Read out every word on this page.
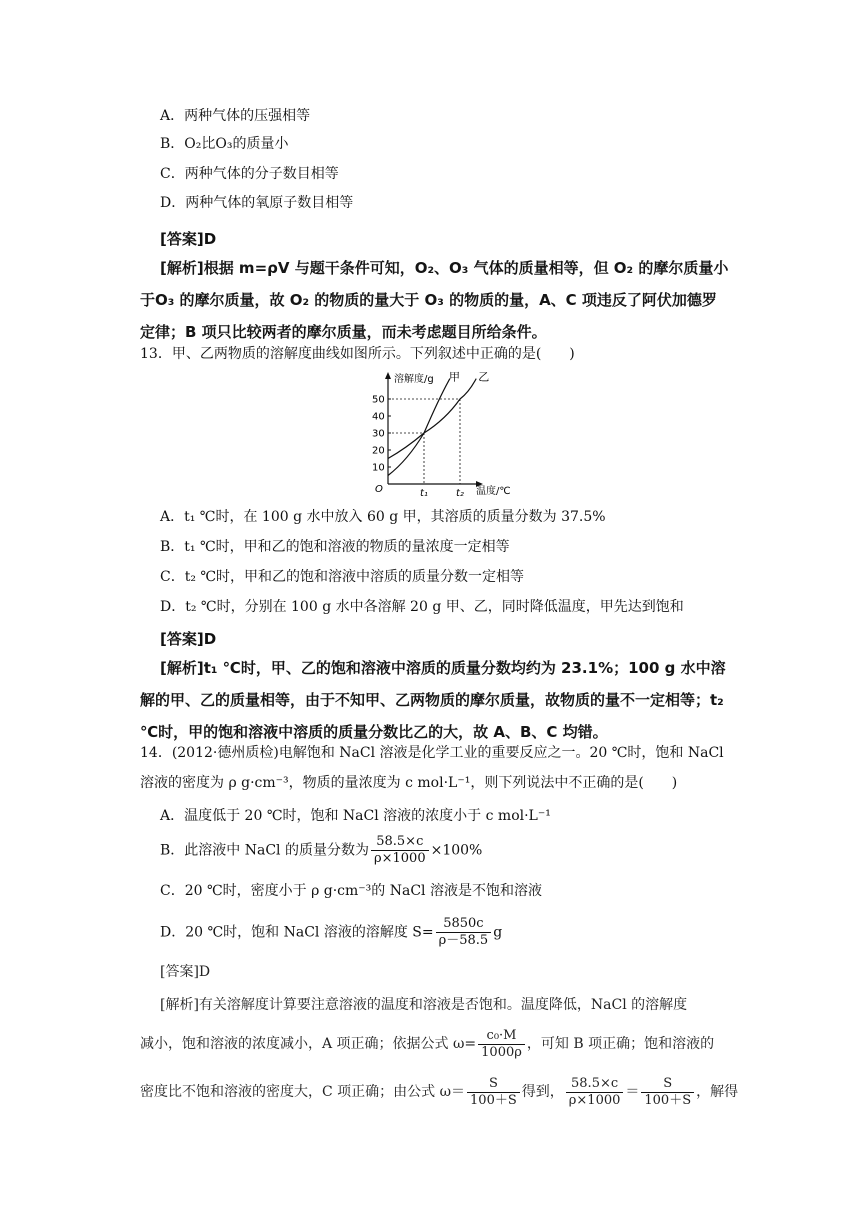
A．两种气体的压强相等
B．O₂比O₃的质量小
C．两种气体的分子数目相等
D．两种气体的氧原子数目相等
[答案]D
[解析]根据 m=ρV 与题干条件可知，O₂、O₃ 气体的质量相等，但 O₂ 的摩尔质量小于O₃ 的摩尔质量，故 O₂ 的物质的量大于 O₃ 的物质的量，A、C 项违反了阿伏加德罗定律；B 项只比较两者的摩尔质量，而未考虑题目所给条件。
13．甲、乙两物质的溶解度曲线如图所示。下列叙述中正确的是(　　)
溶解度/g
温度/℃
O
10
20
30
40
50
t₁	t₂
甲 乙
A．t₁ ℃时，在 100 g 水中放入 60 g 甲，其溶质的质量分数为 37.5%
B．t₁ ℃时，甲和乙的饱和溶液的物质的量浓度一定相等
C．t₂ ℃时，甲和乙的饱和溶液中溶质的质量分数一定相等
D．t₂ ℃时，分别在 100 g 水中各溶解 20 g 甲、乙，同时降低温度，甲先达到饱和
[答案]D
[解析]t₁ ℃时，甲、乙的饱和溶液中溶质的质量分数均约为 23.1%；100 g 水中溶解的甲、乙的质量相等，由于不知甲、乙两物质的摩尔质量，故物质的量不一定相等；t₂ ℃时，甲的饱和溶液中溶质的质量分数比乙的大，故 A、B、C 均错。
14．(2012·德州质检)电解饱和 NaCl 溶液是化学工业的重要反应之一。20 ℃时，饱和 NaCl 溶液的密度为 ρ g·cm⁻³，物质的量浓度为 c mol·L⁻¹，则下列说法中不正确的是(　　)
A．温度低于 20 ℃时，饱和 NaCl 溶液的浓度小于 c mol·L⁻¹
B．此溶液中 NaCl 的质量分数为 $\frac{58.5\times c}{\rho\times 1000} \times 100\%$
C．20 ℃时，密度小于 ρ g·cm⁻³的 NaCl 溶液是不饱和溶液
D．20 ℃时，饱和 NaCl 溶液的溶解度 $S= \frac{5850c}{\rho-58.5}$ g
[答案]D
[解析]有关溶解度计算要注意溶液的温度和溶液是否饱和。温度降低，NaCl 的溶解度
减小，饱和溶液的浓度减小，A 项正确；依据公式 $\omega= \frac{\text{c₀·M}}{1000\rho}$ ，可知 B 项正确；饱和溶液的
密度比不饱和溶液的密度大，C 项正确；由公式 $\omega= \frac{S}{100+S}$ 得到， $\frac{58.5\times c}{\rho\times 1000} = \frac{S}{100+S}$ ，解得
